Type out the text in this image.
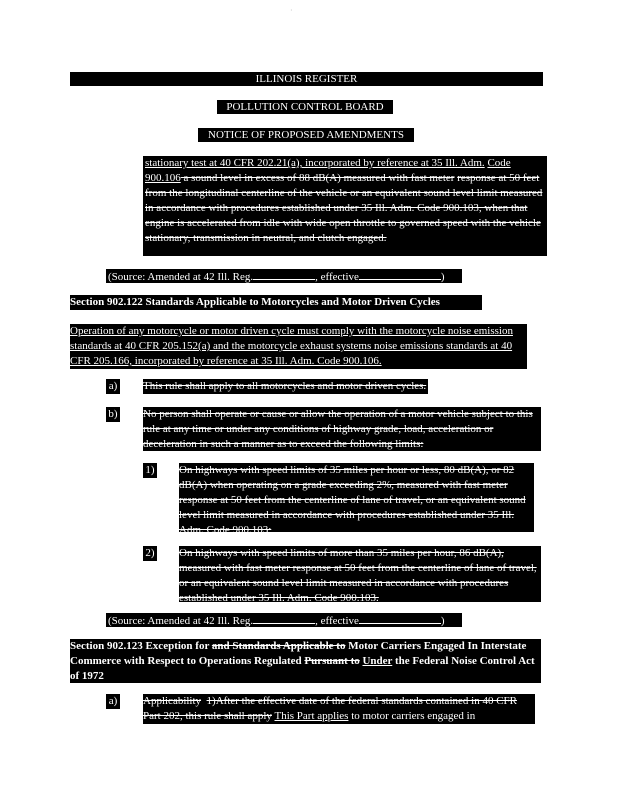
·
ILLINOIS REGISTER
POLLUTION CONTROL BOARD
NOTICE OF PROPOSED AMENDMENTS
stationary test at 40 CFR 202.21(a), incorporated by reference at 35 Ill. Adm. Code 900.106 a sound level in excess of 88 dB(A) measured with fast meter response at 50 feet from the longitudinal centerline of the vehicle or an equivalent sound level limit measured in accordance with procedures established under 35 Ill. Adm. Code 900.103, when that engine is accelerated from idle with wide open throttle to governed speed with the vehicle stationary, transmission in neutral, and clutch engaged.
(Source: Amended at 42 Ill. Reg.	, effective	)
Section 902.122 Standards Applicable to Motorcycles and Motor Driven Cycles
Operation of any motorcycle or motor driven cycle must comply with the motorcycle noise emission standards at 40 CFR 205.152(a) and the motorcycle exhaust systems noise emissions standards at 40 CFR 205.166, incorporated by reference at 35 Ill. Adm. Code 900.106.
a) This rule shall apply to all motorcycles and motor driven cycles.
b) No person shall operate or cause or allow the operation of a motor vehicle subject to this rule at any time or under any conditions of highway grade, load, acceleration or deceleration in such a manner as to exceed the following limits:
1) On highways with speed limits of 35 miles per hour or less, 80 dB(A), or 82 dB(A) when operating on a grade exceeding 2%, measured with fast meter response at 50 feet from the centerline of lane of travel, or an equivalent sound level limit measured in accordance with procedures established under 35 Ill. Adm. Code 900.103;
2) On highways with speed limits of more than 35 miles per hour, 86 dB(A), measured with fast meter response at 50 feet from the centerline of lane of travel, or an equivalent sound level limit measured in accordance with procedures established under 35 Ill. Adm. Code 900.103.
(Source: Amended at 42 Ill. Reg.	, effective	)
Section 902.123 Exception for and Standards Applicable to Motor Carriers Engaged In Interstate Commerce with Respect to Operations Regulated Pursuant to Under the Federal Noise Control Act of 1972
a) Applicability 1)After the effective date of the federal standards contained in 40 CFR Part 202, this rule shall apply This Part applies to motor carriers engaged in
